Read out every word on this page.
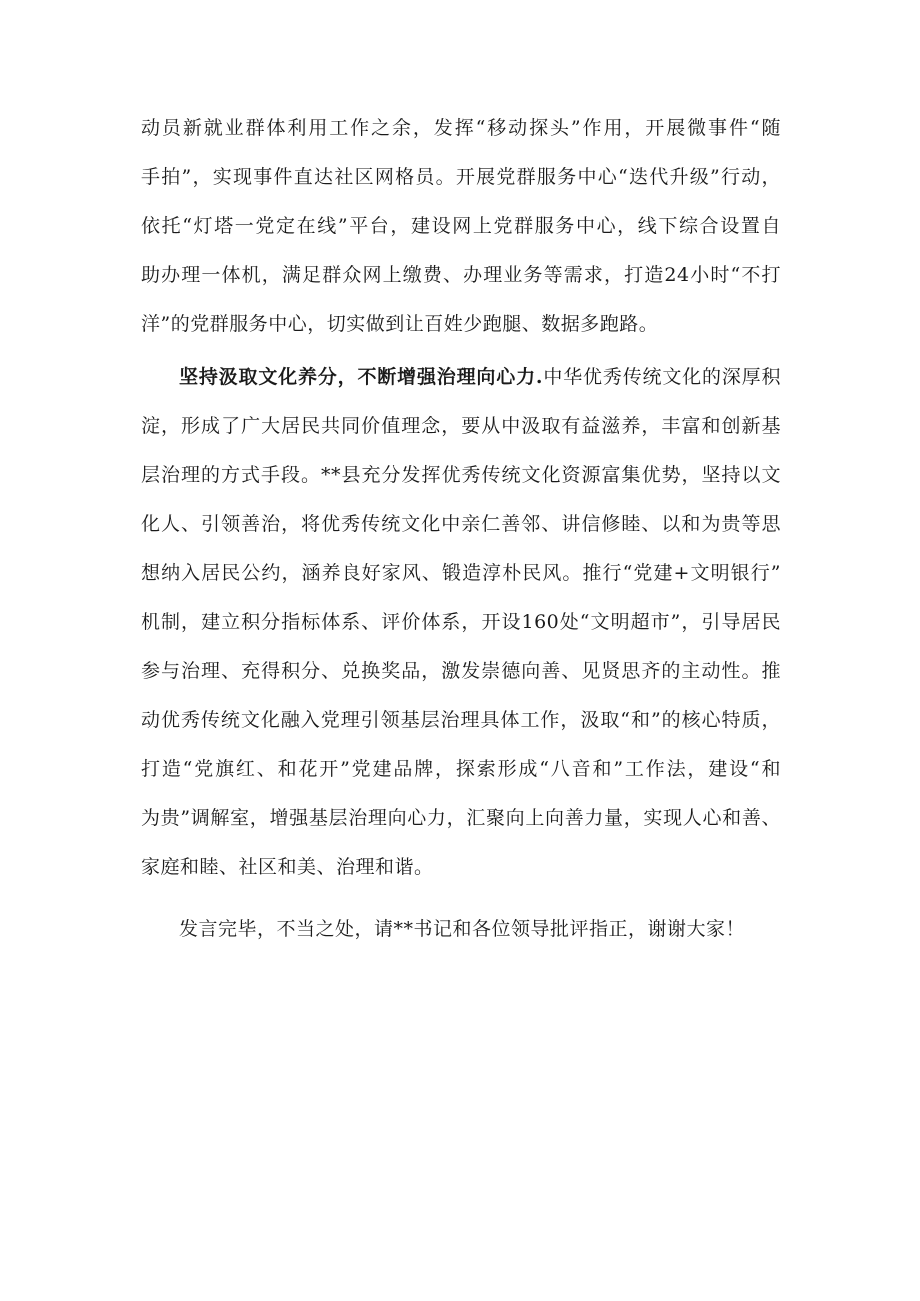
动员新就业群体利用工作之余，发挥“移动探头”作用，开展微事件“随
手拍”，实现事件直达社区网格员。开展党群服务中心“迭代升级”行动，
依托“灯塔一党定在线”平台，建设网上党群服务中心，线下综合设置自
助办理一体机，满足群众网上缴费、办理业务等需求，打造24小时“不打
洋”的党群服务中心，切实做到让百姓少跑腿、数据多跑路。
坚持汲取文化养分，不断增强治理向心力.中华优秀传统文化的深厚积
淀，形成了广大居民共同价值理念，要从中汲取有益滋养，丰富和创新基
层治理的方式手段。**县充分发挥优秀传统文化资源富集优势，坚持以文
化人、引领善治，将优秀传统文化中亲仁善邻、讲信修睦、以和为贵等思
想纳入居民公约，涵养良好家风、锻造淳朴民风。推行“党建+文明银行”
机制，建立积分指标体系、评价体系，开设160处“文明超市”，引导居民
参与治理、充得积分、兑换奖品，激发崇德向善、见贤思齐的主动性。推
动优秀传统文化融入党理引领基层治理具体工作，汲取“和”的核心特质，
打造“党旗红、和花开”党建品牌，探索形成“八音和”工作法，建设“和
为贵”调解室，增强基层治理向心力，汇聚向上向善力量，实现人心和善、
家庭和睦、社区和美、治理和谐。
发言完毕，不当之处，请**书记和各位领导批评指正，谢谢大家！
